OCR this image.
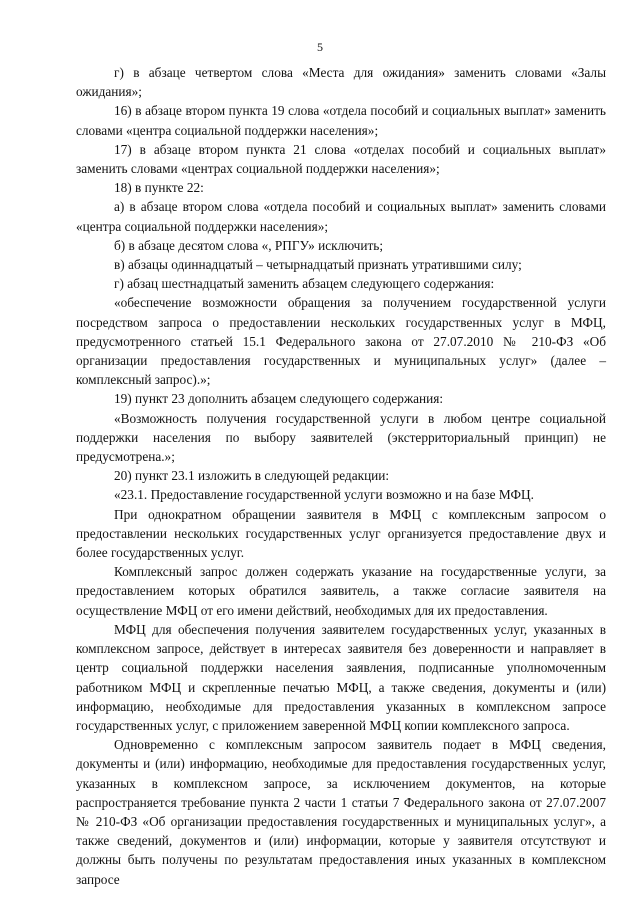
5

г) в абзаце четвертом слова «Места для ожидания» заменить словами «Залы ожидания»;

16) в абзаце втором пункта 19 слова «отдела пособий и социальных выплат» заменить словами «центра социальной поддержки населения»;

17) в абзаце втором пункта 21 слова «отделах пособий и социальных выплат» заменить словами «центрах социальной поддержки населения»;

18) в пункте 22:

а) в абзаце втором слова «отдела пособий и социальных выплат» заменить словами «центра социальной поддержки населения»;

б) в абзаце десятом слова «, РПГУ» исключить;

в) абзацы одиннадцатый – четырнадцатый признать утратившими силу;

г) абзац шестнадцатый заменить абзацем следующего содержания:

«обеспечение возможности обращения за получением государственной услуги посредством запроса о предоставлении нескольких государственных услуг в МФЦ, предусмотренного статьей 15.1 Федерального закона от 27.07.2010 № 210-ФЗ «Об организации предоставления государственных и муниципальных услуг» (далее – комплексный запрос).»;

19) пункт 23 дополнить абзацем следующего содержания:

«Возможность получения государственной услуги в любом центре социальной поддержки населения по выбору заявителей (экстерриториальный принцип) не предусмотрена.»;

20) пункт 23.1 изложить в следующей редакции:

«23.1. Предоставление государственной услуги возможно и на базе МФЦ.

При однократном обращении заявителя в МФЦ с комплексным запросом о предоставлении нескольких государственных услуг организуется предоставление двух и более государственных услуг.

Комплексный запрос должен содержать указание на государственные услуги, за предоставлением которых обратился заявитель, а также согласие заявителя на осуществление МФЦ от его имени действий, необходимых для их предоставления.

МФЦ для обеспечения получения заявителем государственных услуг, указанных в комплексном запросе, действует в интересах заявителя без доверенности и направляет в центр социальной поддержки населения заявления, подписанные уполномоченным работником МФЦ и скрепленные печатью МФЦ, а также сведения, документы и (или) информацию, необходимые для предоставления указанных в комплексном запросе государственных услуг, с приложением заверенной МФЦ копии комплексного запроса.

Одновременно с комплексным запросом заявитель подает в МФЦ сведения, документы и (или) информацию, необходимые для предоставления государственных услуг, указанных в комплексном запросе, за исключением документов, на которые распространяется требование пункта 2 части 1 статьи 7 Федерального закона от 27.07.2007 № 210-ФЗ «Об организации предоставления государственных и муниципальных услуг», а также сведений, документов и (или) информации, которые у заявителя отсутствуют и должны быть получены по результатам предоставления иных указанных в комплексном запросе
